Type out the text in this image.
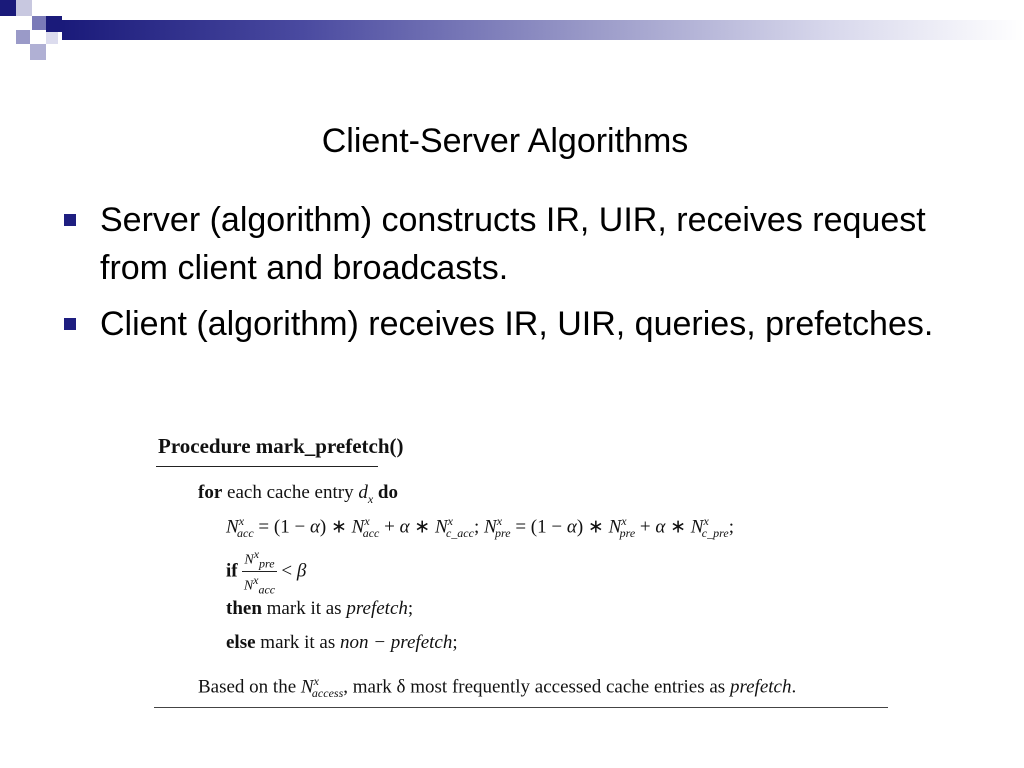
Client-Server Algorithms
Server (algorithm) constructs IR, UIR, receives request from client and broadcasts.
Client (algorithm) receives IR, UIR, queries, prefetches.
Procedure mark_prefetch()
for each cache entry $d_x$ do
$N^x_{acc} = (1 - \alpha)$ ∗ $N^x_{acc} + \alpha$ ∗ $N^x_{c\_acc}$; $N^x_{pre} = (1 - \alpha)$ ∗ $N^x_{pre} + \alpha$ ∗ $N^x_{c\_pre}$;
if $\frac{N^x_{pre}}{N^x_{acc}} < \beta$
then mark it as prefetch;
else mark it as non − prefetch;
Based on the $N^x_{access}$, mark δ most frequently accessed cache entries as prefetch.
